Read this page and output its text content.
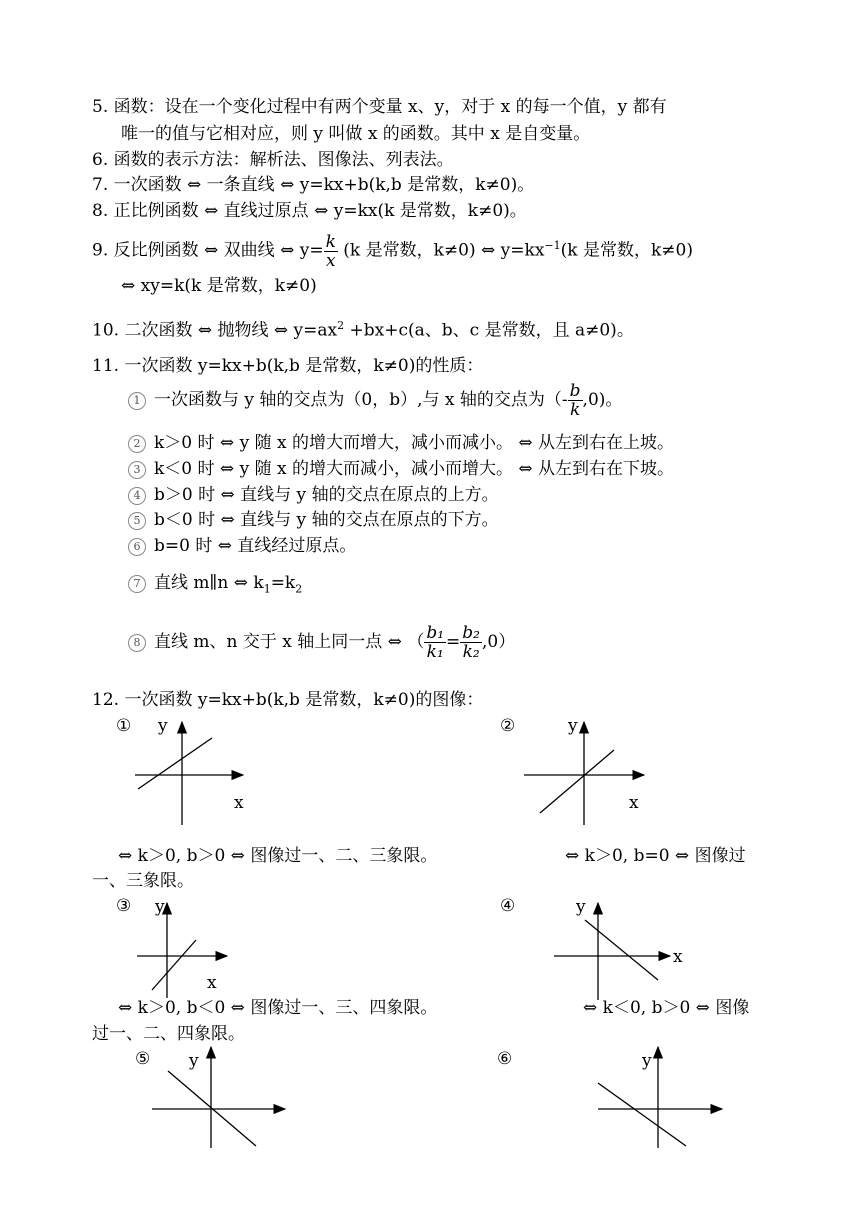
5. 函数：设在一个变化过程中有两个变量 x、y，对于 x 的每一个值，y 都有
唯一的值与它相对应，则 y 叫做 x 的函数。其中 x 是自变量。
6. 函数的表示方法：解析法、图像法、列表法。
7. 一次函数 ⇔ 一条直线 ⇔ y=kx+b(k,b 是常数，k≠0)。
8. 正比例函数 ⇔ 直线过原点 ⇔ y=kx(k 是常数，k≠0)。
9. 反比例函数 ⇔ 双曲线 ⇔ $y= \frac{k}{x} (k$ 是常数，k≠0) ⇔ $y=kx^{-1}(k$ 是常数，k≠0)
⇔ xy=k(k 是常数，k≠0)
10. 二次函数 ⇔ 抛物线 ⇔ $y=ax^2 +bx+c(a$、b、c 是常数，且 a≠0)。
11. 一次函数 y=kx+b(k,b 是常数，k≠0)的性质：
1 一次函数与 y 轴的交点为（0，b）,与 x 轴的交点为（- $\frac{b}{k} ,0$)。
2 k＞0 时 ⇔ y 随 x 的增大而增大，减小而减小。 ⇔ 从左到右在上坡。
3 k＜0 时 ⇔ y 随 x 的增大而减小，减小而增大。 ⇔ 从左到右在下坡。
4 b＞0 时 ⇔ 直线与 y 轴的交点在原点的上方。
5 b＜0 时 ⇔ 直线与 y 轴的交点在原点的下方。
6 b=0 时 ⇔ 直线经过原点。
7 直线 m∥n ⇔ $k_1=k_2$
8 直线 m、n 交于 x 轴上同一点 ⇔ （ $\frac{\text{b₁}}{\text{k₁}} = \frac{\text{b₂}}{\text{k₂}} ,0$）
12. 一次函数 y=kx+b(k,b 是常数，k≠0)的图像：
① y
x
②	y
x
⇔ k＞0, b＞0 ⇔ 图像过一、二、三象限。	⇔ k＞0, b=0 ⇔ 图像过
一、三象限。
③ y
x
④	y
x
⇔ k＞0, b＜0 ⇔ 图像过一、三、四象限。	⇔ k＜0, b＞0 ⇔ 图像
过一、二、四象限。
⑤ y	⑥	y
